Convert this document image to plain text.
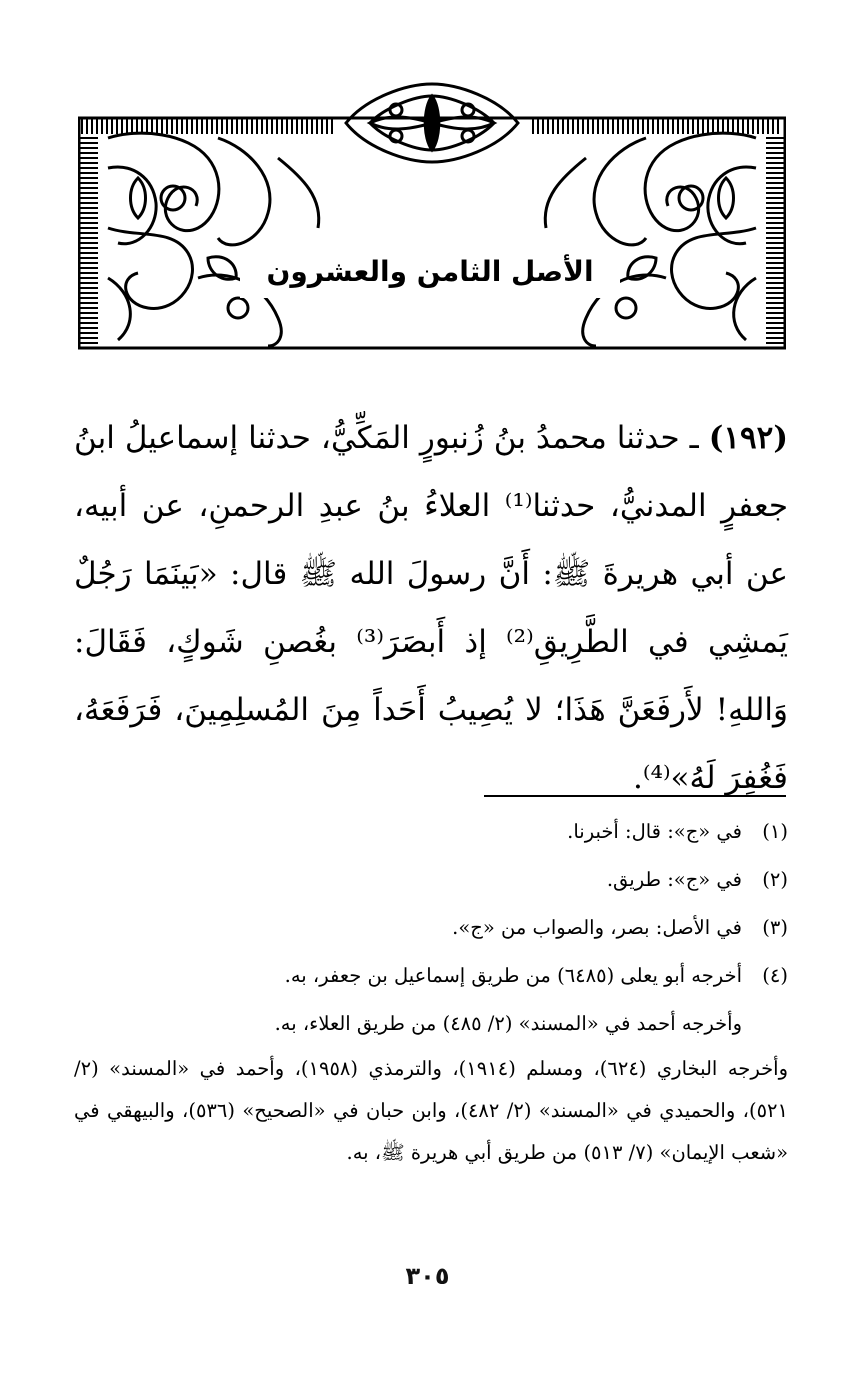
الأصل الثامن والعشرون

(١٩٢) ـ حدثنا محمدُ بنُ زُنبورٍ المَكِّيُّ، حدثنا إسماعيلُ ابنُ جعفرٍ المدنيُّ، حدثنا⁽¹⁾ العلاءُ بنُ عبدِ الرحمنِ، عن أبيه، عن أبي هريرةَ ﷺ: أَنَّ رسولَ الله ﷺ قال: «بَينَمَا رَجُلٌ يَمشِي في الطَّرِيقِ⁽²⁾ إذ أَبصَرَ⁽³⁾ بغُصنِ شَوكٍ، فَقَالَ: وَاللهِ! لأَرفَعَنَّ هَذَا؛ لا يُصِيبُ أَحَداً مِنَ المُسلِمِينَ، فَرَفَعَهُ، فَغُفِرَ لَهُ»⁽⁴⁾.

(١)
في «ج»: قال: أخبرنا.
(٢)
في «ج»: طريق.
(٣)
في الأصل: بصر، والصواب من «ج».
(٤)
أخرجه أبو يعلى (٦٤٨٥) من طريق إسماعيل بن جعفر، به.
وأخرجه أحمد في «المسند» (٢/ ٤٨٥) من طريق العلاء، به.
وأخرجه البخاري (٦٢٤)، ومسلم (١٩١٤)، والترمذي (١٩٥٨)، وأحمد في «المسند» (٢/ ٥٢١)، والحميدي في «المسند» (٢/ ٤٨٢)، وابن حبان في «الصحيح» (٥٣٦)، والبيهقي في «شعب الإيمان» (٧/ ٥١٣) من طريق أبي هريرة ﷺ، به.
٣٠٥
